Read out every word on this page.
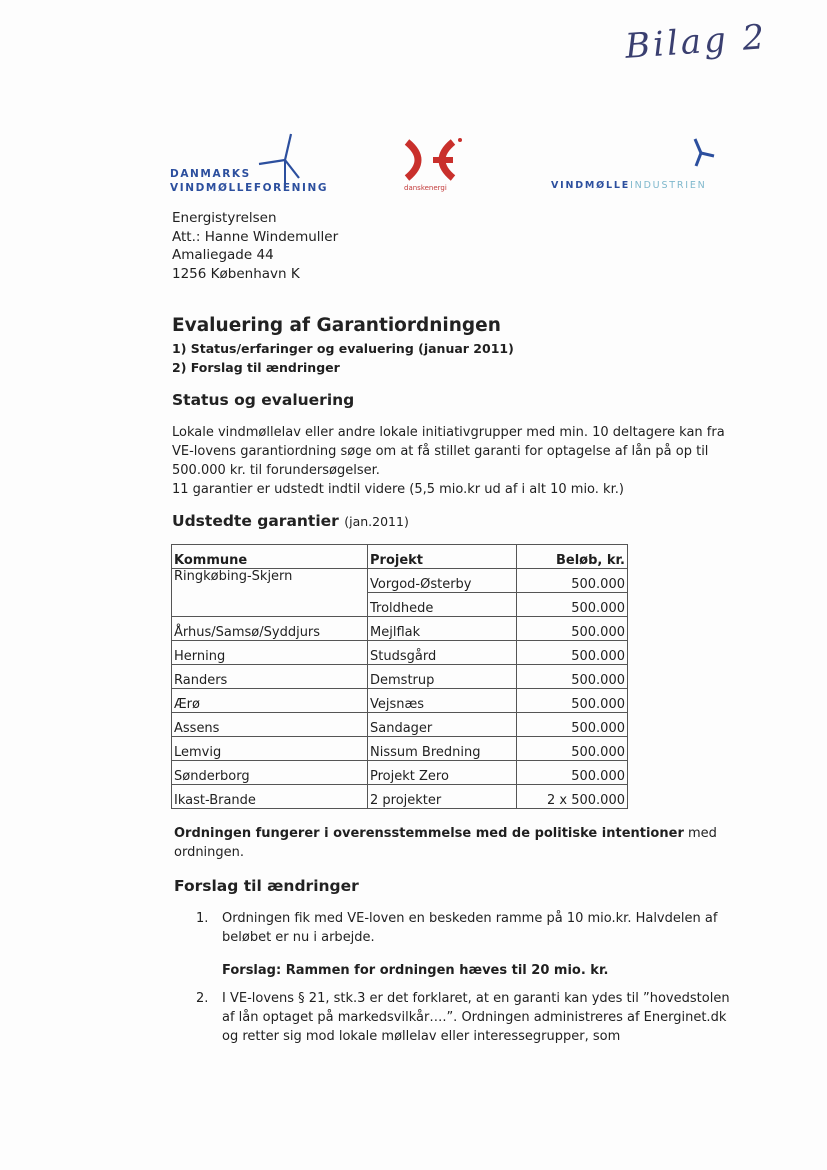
Bilag 2
DANMARKS
VINDMØLLEFORENING	danskenergi	VINDMØLLEINDUSTRIEN
Energistyrelsen
Att.: Hanne Windemuller
Amaliegade 44
1256 København K
Evaluering af Garantiordningen
1) Status/erfaringer og evaluering (januar 2011)
2) Forslag til ændringer
Status og evaluering
Lokale vindmøllelav eller andre lokale initiativgrupper med min. 10 deltagere kan fra VE-lovens garantiordning søge om at få stillet garanti for optagelse af lån på op til 500.000 kr. til forundersøgelser.
11 garantier er udstedt indtil videre (5,5 mio.kr ud af i alt 10 mio. kr.)
Udstedte garantier (jan.2011)
Kommune	Projekt	Beløb, kr.
Ringkøbing-Skjern	Vorgod-Østerby	500.000
	Troldhede	500.000
Århus/Samsø/Syddjurs	Mejlflak	500.000
Herning	Studsgård	500.000
Randers	Demstrup	500.000
Ærø	Vejsnæs	500.000
Assens	Sandager	500.000
Lemvig	Nissum Bredning	500.000
Sønderborg	Projekt Zero	500.000
Ikast-Brande	2 projekter	2 x 500.000
Ordningen fungerer i overensstemmelse med de politiske intentioner med ordningen.
Forslag til ændringer
1. Ordningen fik med VE-loven en beskeden ramme på 10 mio.kr. Halvdelen af beløbet er nu i arbejde.
Forslag: Rammen for ordningen hæves til 20 mio. kr.
2. I VE-lovens § 21, stk.3 er det forklaret, at en garanti kan ydes til ”hovedstolen af lån optaget på markedsvilkår….”. Ordningen administreres af Energinet.dk og retter sig mod lokale møllelav eller interessegrupper, som
